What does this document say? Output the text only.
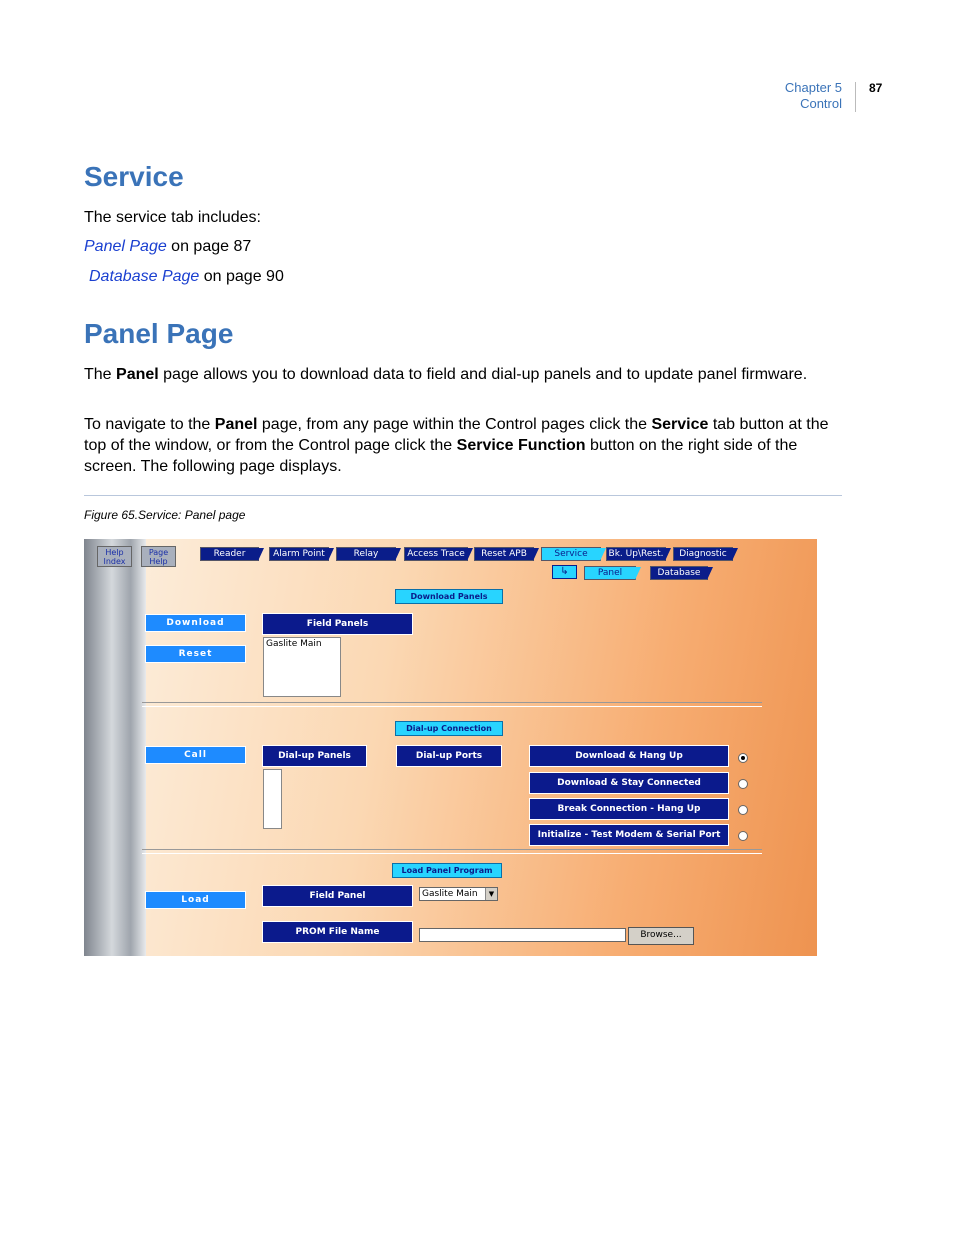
Chapter 5
Control
87
Service

The service tab includes:

Panel Page on page 87

Database Page on page 90

Panel Page

The Panel page allows you to download data to field and dial-up panels and to update panel firmware.

To navigate to the Panel page, from any page within the Control pages click the Service tab button at the top of the window, or from the Control page click the Service Function button on the right side of the screen. The following page displays.

Figure 65.Service: Panel page
Help
Index
Page
Help
Reader	Alarm Point	Relay	Access Trace	Reset APB	Service	Bk. Up\Rest.	Diagnostic
↳	Panel	Database
Download Panels
Download
Reset
Field Panels
Gaslite Main
Dial-up Connection
Call	Dial-up Panels	Dial-up Ports	Download & Hang Up
Download & Stay Connected
Break Connection - Hang Up
Initialize - Test Modem & Serial Port
Load Panel Program
Load	Field Panel	Gaslite Main	▼
PROM File Name	Browse...
